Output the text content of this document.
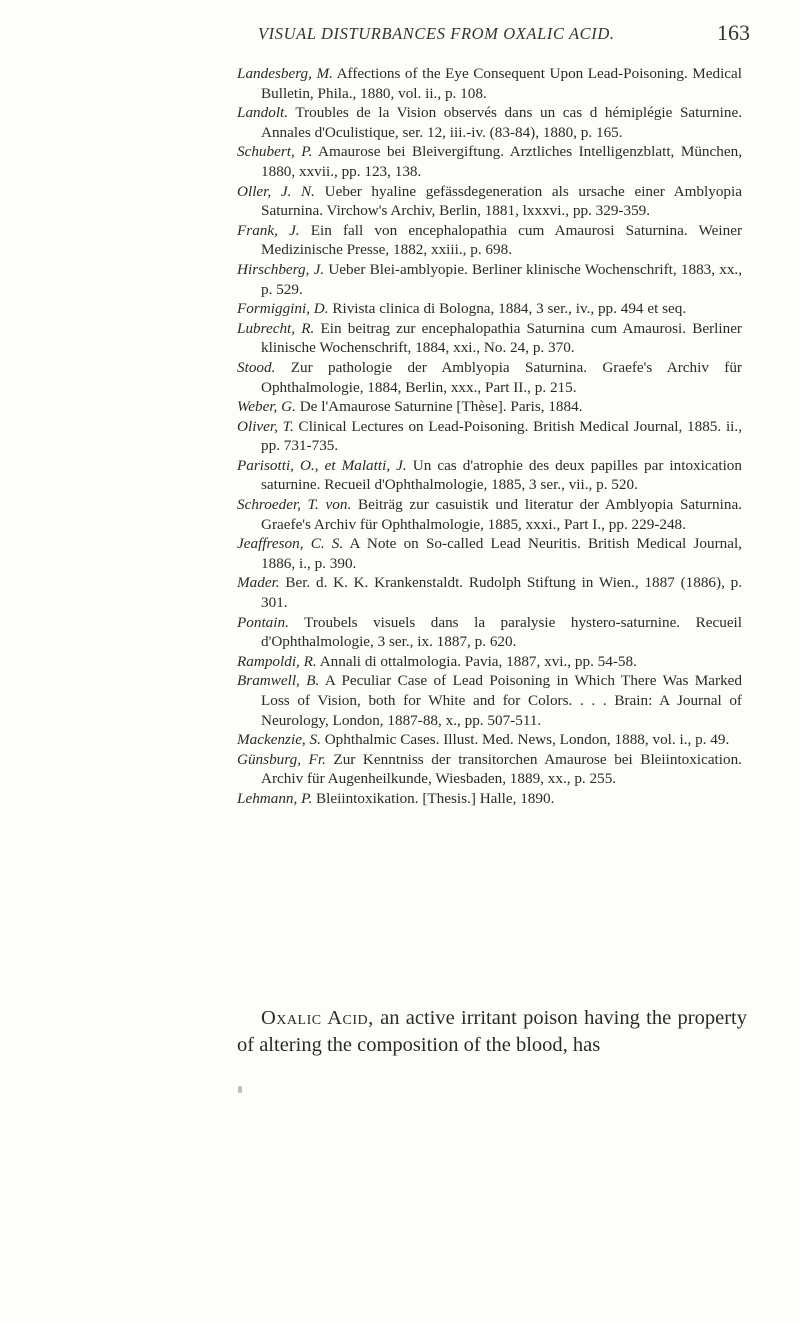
VISUAL DISTURBANCES FROM OXALIC ACID.	163

Landesberg, M. Affections of the Eye Consequent Upon Lead-Poisoning. Medical Bulletin, Phila., 1880, vol. ii., p. 108.

Landolt. Troubles de la Vision observés dans un cas d hémiplégie Saturnine. Annales d'Oculistique, ser. 12, iii.-iv. (83-84), 1880, p. 165.

Schubert, P. Amaurose bei Bleivergiftung. Arztliches Intelligenzblatt, München, 1880, xxvii., pp. 123, 138.

Oller, J. N. Ueber hyaline gefässdegeneration als ursache einer Amblyopia Saturnina. Virchow's Archiv, Berlin, 1881, lxxxvi., pp. 329-359.

Frank, J. Ein fall von encephalopathia cum Amaurosi Saturnina. Weiner Medizinische Presse, 1882, xxiii., p. 698.

Hirschberg, J. Ueber Blei-amblyopie. Berliner klinische Wochenschrift, 1883, xx., p. 529.

Formiggini, D. Rivista clinica di Bologna, 1884, 3 ser., iv., pp. 494 et seq.

Lubrecht, R. Ein beitrag zur encephalopathia Saturnina cum Amaurosi. Berliner klinische Wochenschrift, 1884, xxi., No. 24, p. 370.

Stood. Zur pathologie der Amblyopia Saturnina. Graefe's Archiv für Ophthalmologie, 1884, Berlin, xxx., Part II., p. 215.

Weber, G. De l'Amaurose Saturnine [Thèse]. Paris, 1884.

Oliver, T. Clinical Lectures on Lead-Poisoning. British Medical Journal, 1885. ii., pp. 731-735.

Parisotti, O., et Malatti, J. Un cas d'atrophie des deux papilles par intoxication saturnine. Recueil d'Ophthalmologie, 1885, 3 ser., vii., p. 520.

Schroeder, T. von. Beiträg zur casuistik und literatur der Amblyopia Saturnina. Graefe's Archiv für Ophthalmologie, 1885, xxxi., Part I., pp. 229-248.

Jeaffreson, C. S. A Note on So-called Lead Neuritis. British Medical Journal, 1886, i., p. 390.

Mader. Ber. d. K. K. Krankenstaldt. Rudolph Stiftung in Wien., 1887 (1886), p. 301.

Pontain. Troubels visuels dans la paralysie hystero-saturnine. Recueil d'Ophthalmologie, 3 ser., ix. 1887, p. 620.

Rampoldi, R. Annali di ottalmologia. Pavia, 1887, xvi., pp. 54-58.

Bramwell, B. A Peculiar Case of Lead Poisoning in Which There Was Marked Loss of Vision, both for White and for Colors. . . . Brain: A Journal of Neurology, London, 1887-88, x., pp. 507-511.

Mackenzie, S. Ophthalmic Cases. Illust. Med. News, London, 1888, vol. i., p. 49.

Günsburg, Fr. Zur Kenntniss der transitorchen Amaurose bei Bleiintoxication. Archiv für Augenheilkunde, Wiesbaden, 1889, xx., p. 255.

Lehmann, P. Bleiintoxikation. [Thesis.] Halle, 1890.

Oxalic Acid, an active irritant poison having the property of altering the composition of the blood, has
